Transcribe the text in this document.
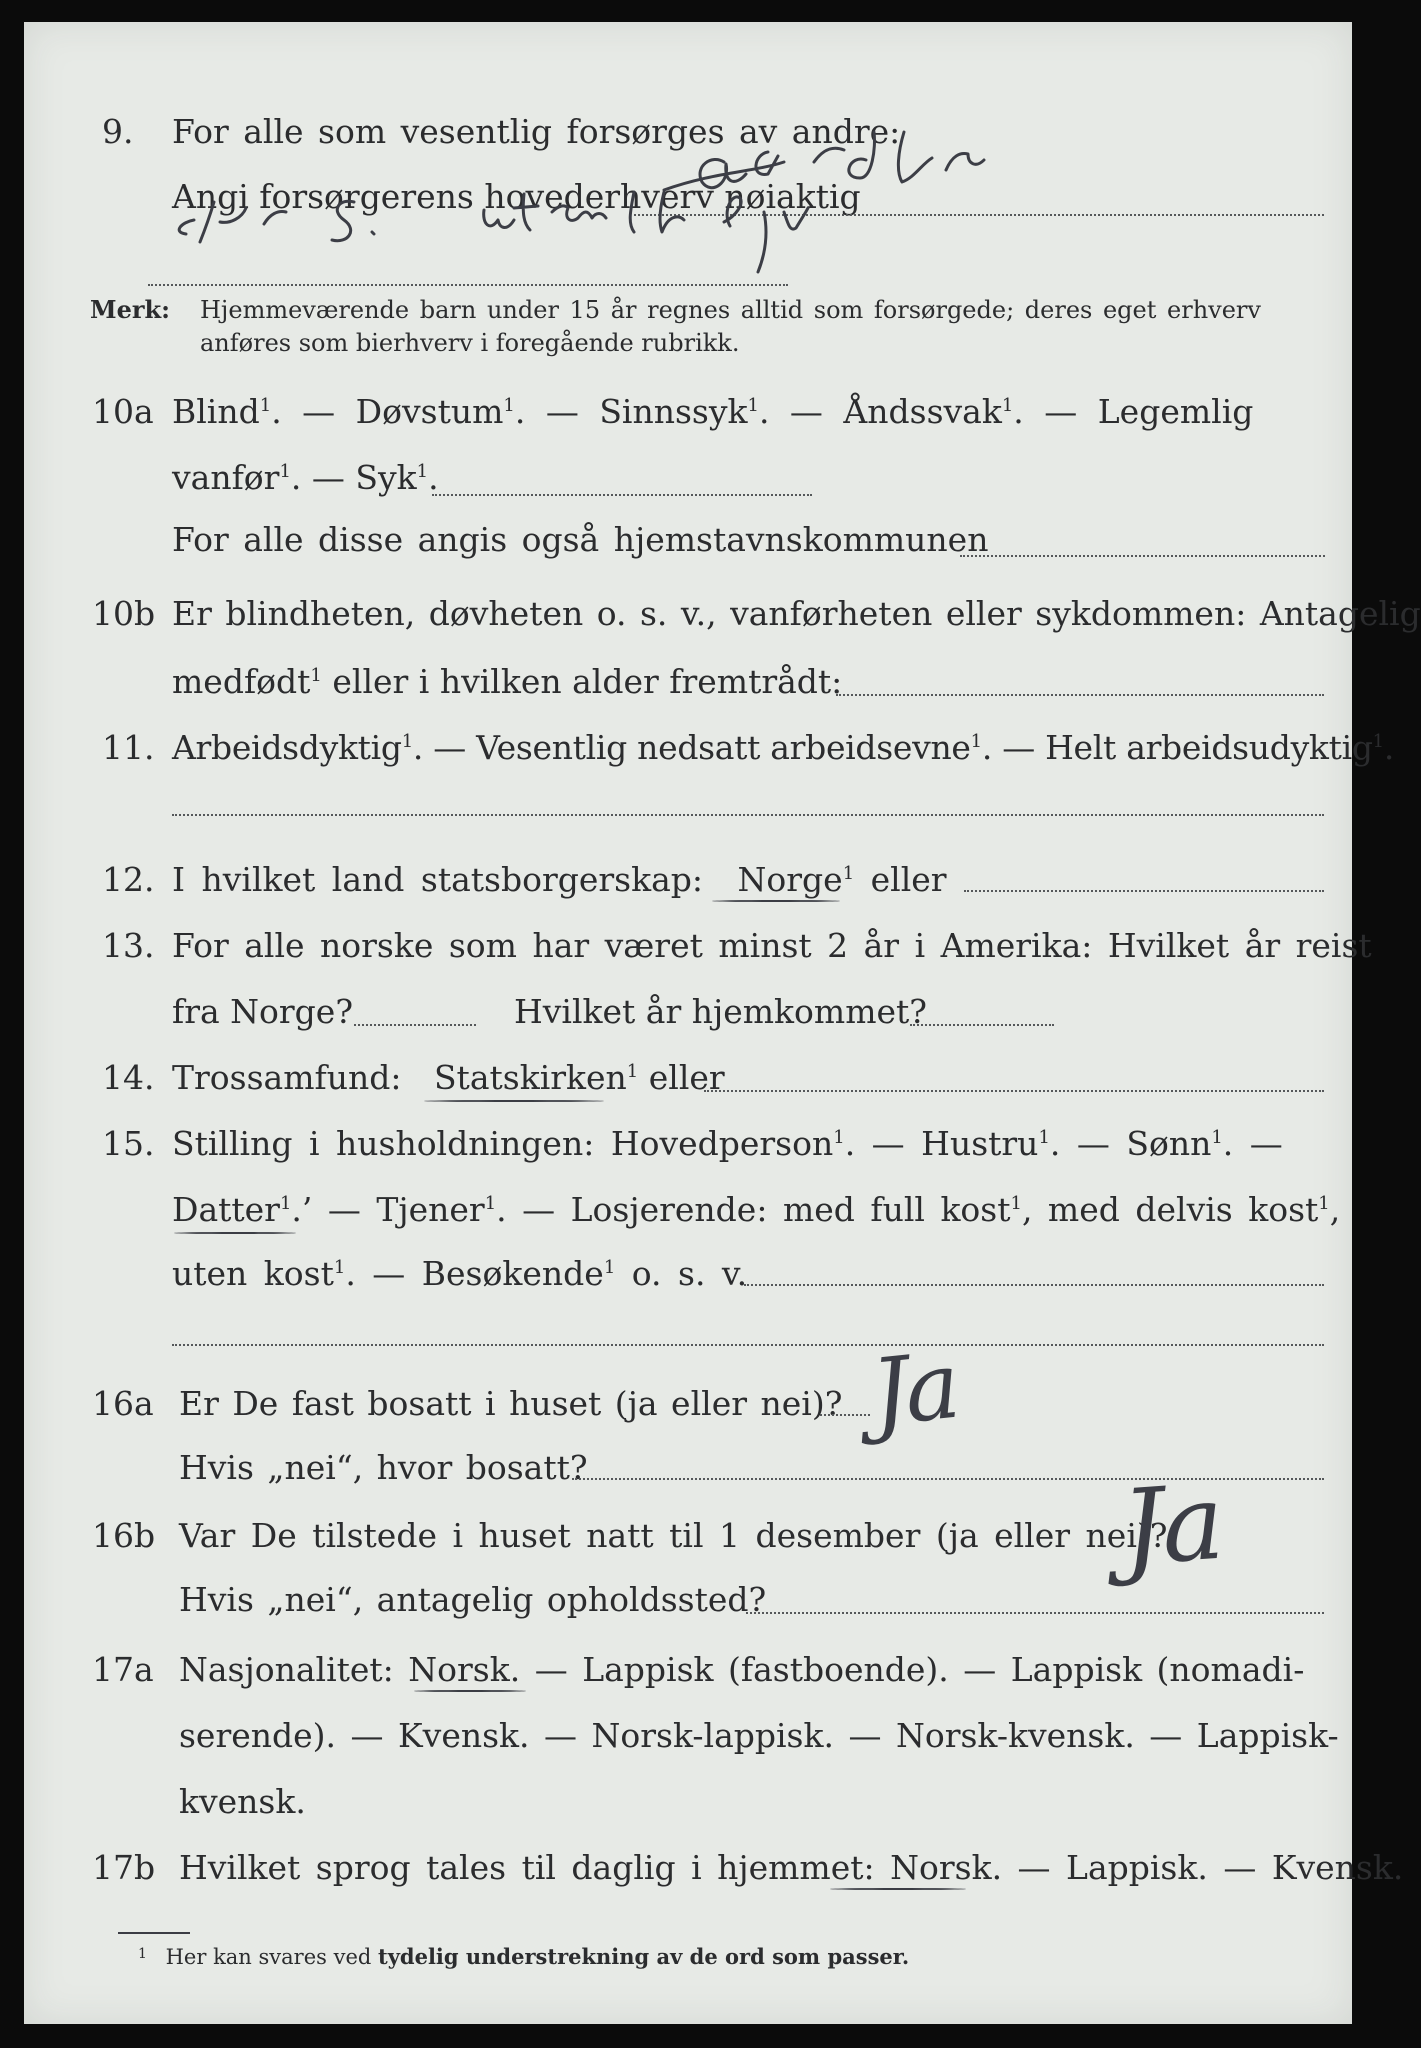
9. For alle som vesentlig forsørges av andre:
Angi forsørgerens hovederhverv nøiaktig
Merk: Hjemmeværende barn under 15 år regnes alltid som forsørgede; deres eget erhverv
anføres som bierhverv i foregående rubrikk.
10a Blind$^1$. — Døvstum$^1$. — Sinnssyk$^1$. — Åndssvak$^1$. — Legemlig
vanfør$^1$. — Syk$^1$.
For alle disse angis også hjemstavnskommunen
10b Er blindheten, døvheten o. s. v., vanførheten eller sykdommen: Antagelig
medfødt$^1$ eller i hvilken alder fremtrådt:
11. Arbeidsdyktig$^1$. — Vesentlig nedsatt arbeidsevne$^1$. — Helt arbeidsudyktig$^1$.
12. I hvilket land statsborgerskap: Norge$^1$ eller
13. For alle norske som har været minst 2 år i Amerika: Hvilket år reist
fra Norge?	Hvilket år hjemkommet?
14. Trossamfund: Statskirken$^1$ eller
15. Stilling i husholdningen: Hovedperson$^1$. — Hustru$^1$. — Sønn$^1$. —
Datter$^1$.’ — Tjener$^1$. — Losjerende: med full kost$^1$, med delvis kost$^1$,
uten kost$^1$. — Besøkende$^1$ o. s. v.
16a Er De fast bosatt i huset (ja eller nei)?
Hvis „nei“, hvor bosatt?
Ja
16b Var De tilstede i huset natt til 1 desember (ja eller nei)?
Hvis „nei“, antagelig opholdssted?
Ja
17a Nasjonalitet: Norsk. — Lappisk (fastboende). — Lappisk (nomadi-
serende). — Kvensk. — Norsk-lappisk. — Norsk-kvensk. — Lappisk-
kvensk.
17b Hvilket sprog tales til daglig i hjemmet: Norsk. — Lappisk. — Kvensk.
$^1$ Her kan svares ved tydelig understrekning av de ord som passer.
